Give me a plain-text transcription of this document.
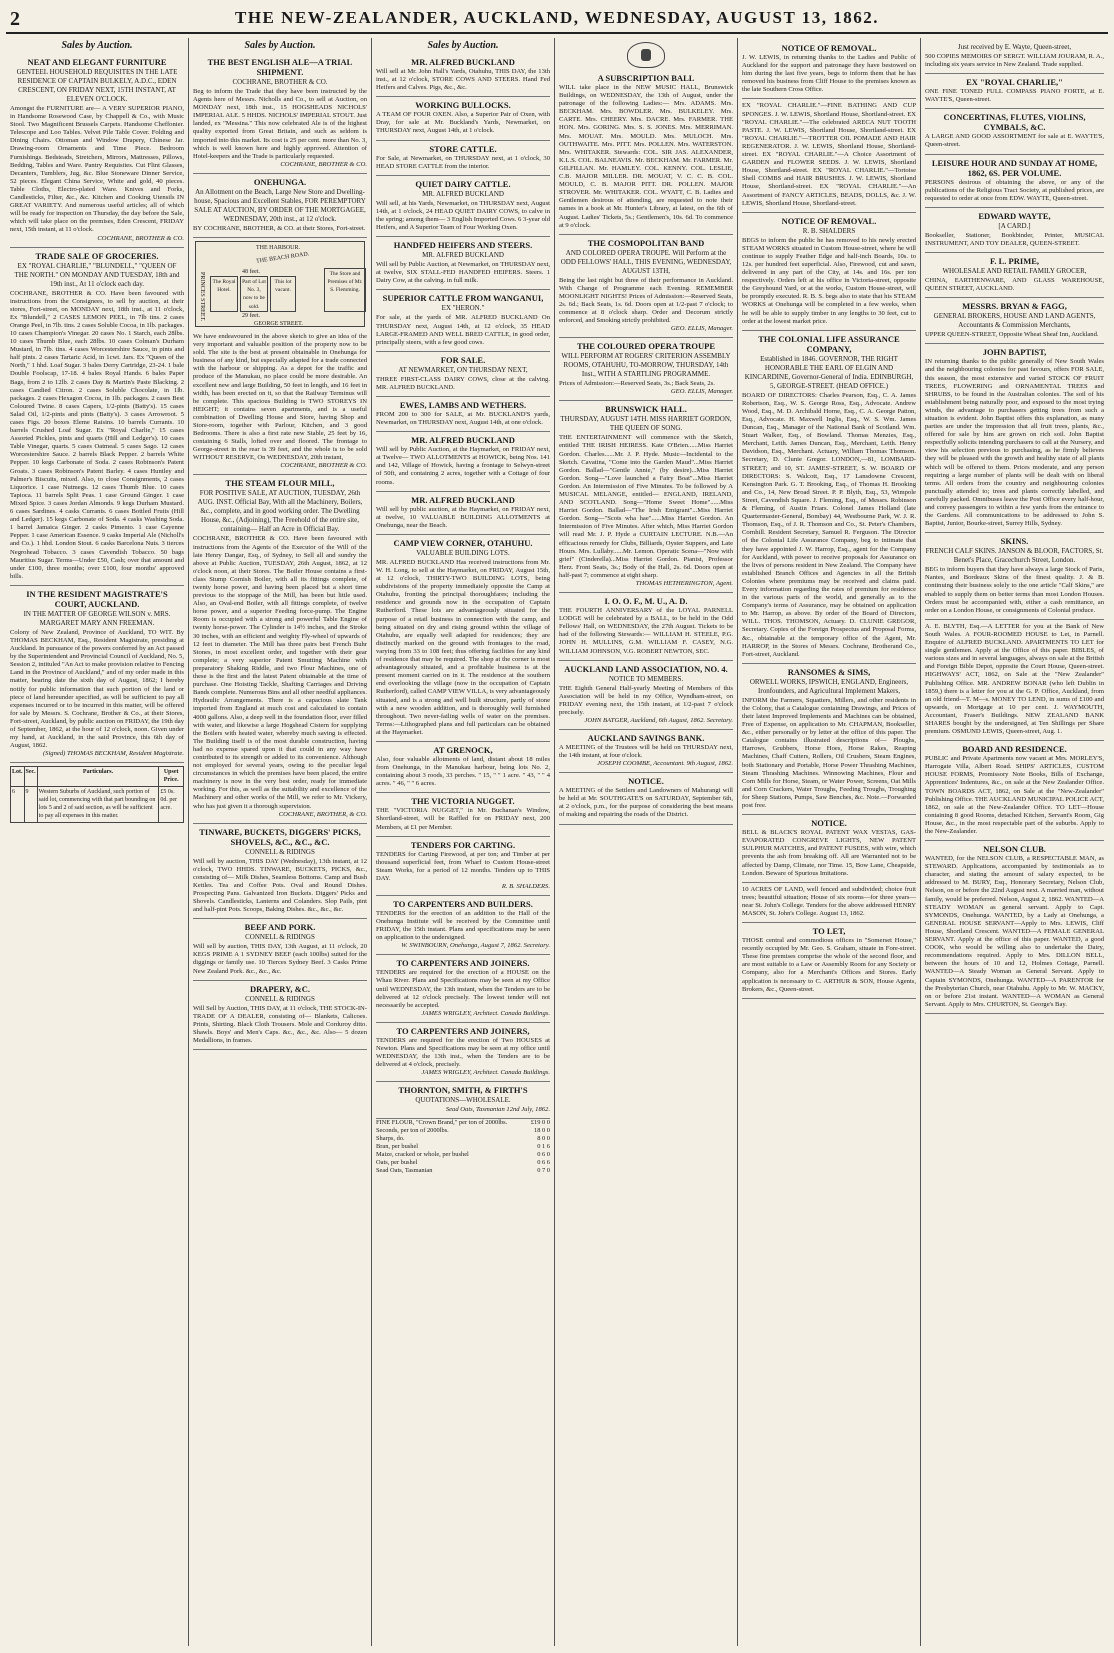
2	THE NEW-ZEALANDER, AUCKLAND, WEDNESDAY, AUGUST 13, 1862.
Sales by Auction.
NEAT AND ELEGANT FURNITURE
GENTEEL HOUSEHOLD REQUISITES IN THE LATE RESIDENCE OF CAPTAIN BULKELY, A.D.C., EDEN CRESCENT, ON FRIDAY NEXT, 15TH INSTANT, AT ELEVEN O'CLOCK.
Amongst the FURNITURE are— A VERY SUPERIOR PIANO, in Handsome Rosewood Case, by Chappell & Co., with Music Stool. Two Magnificent Brussels Carpets. Handsome Cheffonier. Telescope and Loo Tables. Velvet Pile Table Cover. Folding and Dining Chairs. Ottoman and Window Drapery, Chinese Jar. Drawing-room Ornaments and Time Piece. Bedroom Furnishings. Bedsteads, Stretchers, Mirrors, Mattresses, Pillows, Bedding, Tables and Ware. Pantry Requisites. Cut Flint Glasses, Decanters, Tumblers, Jug, &c. Blue Stoneware Dinner Service, 52 pieces. Elegant China Service, White and gold, 40 pieces. Table Cloths, Electro-plated Ware. Knives and Forks, Candlesticks, Filter, &c., &c. Kitchen and Cooking Utensils IN GREAT VARIETY. And numerous useful articles; all of which will be ready for inspection on Thursday, the day before the Sale, which will take place on the premises, Eden Crescent, FRIDAY next, 15th instant, at 11 o'clock.
COCHRANE, BROTHER & CO.
TRADE SALE OF GROCERIES.
EX "ROYAL CHARLIE," "BLUNDELL," "QUEEN OF THE NORTH." ON MONDAY AND TUESDAY, 18th and 19th inst., At 11 o'clock each day.
COCHRANE, BROTHER & CO. Have been favoured with instructions from the Consignees, to sell by auction, at their stores, Fort-street, on MONDAY next, 18th inst., at 11 o'clock, Ex "Blundell," 2 CASES LEMON PEEL, in 7lb tins. 2 cases Orange Peel, in 7lb. tins. 2 cases Soluble Cocoa, in 1lb. packages. 10 cases Champion's Vinegar. 20 cases No. 1 Starch, each 28lbs. 10 cases Thumb Blue, each 28lbs. 10 cases Colman's Durham Mustard, in 7lb. tins. 4 cases Worcestershire Sauce, in pints and half pints. 2 cases Tartaric Acid, in 1cwt. Jars. Ex "Queen of the North," 1 hhd. Loaf Sugar. 3 bales Derry Cartridge, 23-24. 1 bale Double Foolscap, 17-18. 4 bales Royal Hands. 6 bales Paper Bags, from 2 to 12lb. 2 cases Day & Martin's Paste Blacking. 2 cases Candied Citron. 2 cases Soluble Chocolate, in 1lb. packages. 2 cases Hexagon Cocoa, in 1lb. packages. 2 cases Best Coloured Twine. 8 cases Capers, 1/2-pints (Batty's). 15 cases Salad Oil, 1/2-pints and pints (Batty's). 3 cases Arrowroot. 5 cases Figs. 20 boxes Eleme Raisins. 10 barrels Currants. 10 barrels Crushed Loaf Sugar. Ex "Royal Charlie," 15 cases Assorted Pickles, pints and quarts (Hill and Ledger's). 10 cases Table Vinegar, quarts. 5 cases Oatmeal. 5 cases Sago. 12 cases Worcestershire Sauce. 2 barrels Black Pepper. 2 barrels White Pepper. 10 kegs Carbonate of Soda. 2 cases Robinson's Patent Groats. 3 cases Robinson's Patent Barley. 4 cases Huntley and Palmer's Biscuits, mixed. Also, to close Consignments, 2 cases Liquorice. 1 case Nutmegs. 12 cases Thumb Blue. 10 cases Tapioca. 11 barrels Split Peas. 1 case Ground Ginger. 1 case Mixed Spice. 3 cases Jordan Almonds. 9 kegs Durham Mustard. 6 cases Sardines. 4 casks Currants. 6 cases Bottled Fruits (Hill and Ledger). 15 kegs Carbonate of Soda. 4 casks Washing Soda. 1 barrel Jamaica Ginger. 2 casks Pimento. 1 case Cayenne Pepper. 1 case American Essence. 9 casks Imperial Ale (Nicholl's and Co.). 1 hhd. London Stout. 6 casks Barcelona Nuts. 3 tierces Negrohead Tobacco. 3 cases Cavendish Tobacco. 50 bags Mauritius Sugar. Terms—Under £50, Cash; over that amount and under £100, three months; over £100, four months' approved bills.
IN THE RESIDENT MAGISTRATE'S COURT, AUCKLAND.
IN THE MATTER OF GEORGE WILSON v. MRS. MARGARET MARY ANN FREEMAN.
Colony of New Zealand, Province of Auckland, TO WIT. By THOMAS BECKHAM, Esq., Resident Magistrate, presiding at Auckland. In pursuance of the powers conferred by an Act passed by the Superintendent and Provincial Council of Auckland, No. 5, Session 2, intituled "An Act to make provision relative to Fencing Land in the Province of Auckland," and of my order made in this matter, bearing date the sixth day of August, 1862; I hereby notify for public information that such portion of the land or piece of land hereunder specified, as will be sufficient to pay all expenses incurred or to be incurred in this matter, will be offered for sale by Messrs. S. Cochrane, Brother & Co., at their Stores, Fort-street, Auckland, by public auction on FRIDAY, the 19th day of September, 1862, at the hour of 12 o'clock, noon. Given under my hand, at Auckland, in the said Province, this 6th day of August, 1862.
(Signed) THOMAS BECKHAM, Resident Magistrate.
Lot.	Sec.	Particulars.	Upset Price.
6	9	Western Suburbs of Auckland, such portion of said lot, commencing with that part bounding on lots 5 and 2 of said section, as will be sufficient to pay all expenses in this matter.	£5 0s. 0d. per acre.
Sales by Auction.
THE BEST ENGLISH ALE—A TRIAL SHIPMENT.
COCHRANE, BROTHER & CO.
Beg to inform the Trade that they have been instructed by the Agents here of Messrs. Nicholls and Co., to sell at Auction, on MONDAY next, 18th inst., 15 HOGSHEADS NICHOLS' IMPERIAL ALE. 5 HHDS. NICHOLS' IMPERIAL STOUT. Just landed, ex "Messina." This now celebrated Ale is of the highest quality exported from Great Britain, and such as seldom is imported into this market. Its cost is 25 per cent. more than No. 3, which is well known here and highly approved. Attention of Hotel-keepers and the Trade is particularly requested.
COCHRANE, BROTHER & CO.
ONEHUNGA.
An Allotment on the Beach, Large New Store and Dwelling-house, Spacious and Excellent Stables, FOR PEREMPTORY SALE AT AUCTION, BY ORDER OF THE MORTGAGEE, WEDNESDAY, 20th inst., at 12 o'clock.
BY COCHRANE, BROTHER, & CO. at their Stores, Fort-street.
THE HARBOUR.
THE BEACH ROAD.
PRINCES STREET.	The Royal Hotel.
Part of Lot No. 3, now to be sold.
This lot vacant.
The Store and Premises of Mr. S. Flemming.
48 feet.
29 feet.
GEORGE STREET.
We have endeavoured in the above sketch to give an idea of the very important and valuable position of the property now to be sold. The site is the best at present obtainable in Onehunga for business of any kind, but especially adapted for a trade connected with the harbour or shipping. As a depot for the traffic and produce of the Manukau, no place could be more desirable. An excellent new and large Building, 50 feet in length, and 16 feet in width, has been erected on it, so that the Railway Terminus will be complete. This spacious Building is TWO STOREYS IN HEIGHT; it contains seven apartments, and is a useful combination of Dwelling House and Store, having Shop and Store-room, together with Parlour, Kitchen, and 3 good Bedrooms. There is also a first rate new Stable, 25 feet by 16, containing 6 Stalls, lofted over and floored. The frontage to George-street in the rear is 39 feet, and the whole is to be sold WITHOUT RESERVE, On WEDNESDAY, 20th instant,
COCHRANE, BROTHER & CO.
THE STEAM FLOUR MILL,
FOR POSITIVE SALE, AT AUCTION, TUESDAY, 26th AUG. INST. Official Bay, With all the Machinery, Boilers, &c., complete, and in good working order. The Dwelling House, &c., (Adjoining), The Freehold of the entire site, containing— Half an Acre in Official Bay.
COCHRANE, BROTHER & CO. Have been favoured with instructions from the Agents of the Executor of the Will of the late Henry Dangar, Esq., of Sydney, to Sell all and sundry the above at Public Auction, TUESDAY, 26th August, 1862, at 12 o'clock noon, at their Stores. The Boiler House contains a first-class Stump Cornish Boiler, with all its fittings complete, of twenty horse power, and having been placed but a short time previous to the stoppage of the Mill, has been but little used. Also, an Oval-end Boiler, with all fittings complete, of twelve horse power, and a superior Feeding force-pump. The Engine Room is occupied with a strong and powerful Table Engine of twenty horse-power. The Cylinder is 14½ inches, and the Stroke 30 inches, with an efficient and weighty Fly-wheel of upwards of 12 feet in diameter. The Mill has three pairs best French Buhr Stones, in most excellent order, and together with their gear complete; a very superior Patent Smutting Machine with preparatory Shaking Riddle, and two Flour Machines, one of these is the first and the latest Patent obtainable at the time of purchase. One Hoisting Tackle, Shafting Carriages and Driving Bands complete. Numerous Bins and all other needful appliances. Hydraulic Arrangements. There is a capacious slate Tank imported from England at much cost and calculated to contain 4000 gallons. Also, a deep well in the foundation floor, ever filled with water, and likewise a large Hogshead Cistern for supplying the Boilers with heated water, whereby much saving is effected. The Building itself is of the most durable construction, having had no expense spared upon it that could in any way have contributed to its strength or added to its convenience. Although not employed for several years, owing to the peculiar legal circumstances in which the premises have been placed, the entire machinery is now in the very best order, ready for immediate working. For this, as well as the suitability and excellence of the Machinery and other works of the Mill, we refer to Mr. Vickery, who has just given it a thorough supervision.
COCHRANE, BROTHER, & CO.
TINWARE, BUCKETS, DIGGERS' PICKS, SHOVELS, &C., &C., &C.
CONNELL & RIDINGS
Will sell by auction, THIS DAY (Wednesday), 13th instant, at 12 o'clock, TWO HHDS. TINWARE, BUCKETS, PICKS, &c., consisting of— Milk Dishes, Seamless Bottoms. Camp and Bush Kettles. Tea and Coffee Pots. Oval and Round Dishes. Prospecting Pans. Galvanized Iron Buckets. Diggers' Picks and Shovels. Candlesticks, Lanterns and Colanders. Slop Pails, pint and half-pint Pots. Scoops, Baking Dishes. &c., &c., &c.
BEEF AND PORK.
CONNELL & RIDINGS
Will sell by auction, THIS DAY, 13th August, at 11 o'clock, 20 KEGS PRIME A 1 SYDNEY BEEF (each 100lbs) suited for the diggings or family use. 10 Tierces Sydney Beef. 3 Casks Prime New Zealand Pork. &c., &c., &c.
DRAPERY, &C.
CONNELL & RIDINGS
Will Sell by Auction, THIS DAY, at 11 o'clock, THE STOCK-IN-TRADE OF A DEALER, consisting of— Blankets, Calicoes. Prints, Shirting. Black Cloth Trousers. Mole and Corduroy ditto. Shawls. Boys' and Men's Caps. &c., &c., &c. Also— 5 dozen Medallions, in frames.
Sales by Auction.
MR. ALFRED BUCKLAND
Will sell at Mr. John Hall's Yards, Otahuhu, THIS DAY, the 13th inst., at 12 o'clock, STORE COWS AND STEERS. Hand Fed Heifers and Calves. Pigs, &c., &c.
WORKING BULLOCKS.
A TEAM OF FOUR OXEN. Also, a Superior Pair of Oxen, with Dray, for sale at Mr. Buckland's Yards, Newmarket, on THURSDAY next, August 14th, at 1 o'clock.
STORE CATTLE.
For Sale, at Newmarket, on THURSDAY next, at 1 o'clock, 30 HEAD STORE CATTLE from the interior.
QUIET DAIRY CATTLE.
MR. ALFRED BUCKLAND
Will sell, at his Yards, Newmarket, on THURSDAY next, August 14th, at 1 o'clock, 24 HEAD QUIET DAIRY COWS, to calve in the spring; among them— 3 English Imported Cows. 6 3-year old Heifers, and A Superior Team of Four Working Oxen.
HANDFED HEIFERS AND STEERS.
MR. ALFRED BUCKLAND
Will sell by Public Auction, at Newmarket, on THURSDAY next, at twelve, SIX STALL-FED HANDFED HEIFERS. Steers. 1 Dairy Cow, at the calving. in full milk.
SUPERIOR CATTLE FROM WANGANUI,
EX "HERON."
For sale, at the yards of MR. ALFRED BUCKLAND On THURSDAY next, August 14th, at 12 o'clock, 35 HEAD LARGE-FRAMED AND WELL BRED CATTLE, in good order, principally steers, with a few good cows.
FOR SALE.
AT NEWMARKET, ON THURSDAY NEXT,
THREE FIRST-CLASS DAIRY COWS, close at the calving. MR. ALFRED BUCKLAND.
EWES, LAMBS AND WETHERS.
FROM 200 to 300 for SALE, at Mr. BUCKLAND'S yards, Newmarket, on THURSDAY next, August 14th, at one o'clock.
MR. ALFRED BUCKLAND
Will sell by Public Auction, at the Haymarket, on FRIDAY next, at Twelve— TWO ALLOTMENTS at HOWICK, being Nos. 141 and 142, Village of Howick, having a frontage to Selwyn-street of 50ft, and containing 2 acres, together with a Cottage of four rooms.
MR. ALFRED BUCKLAND
Will sell by public auction, at the Haymarket, on FRIDAY next, at twelve, 10 VALUABLE BUILDING ALLOTMENTS at Onehunga, near the Beach.
CAMP VIEW CORNER, OTAHUHU.
VALUABLE BUILDING LOTS.
MR. ALFRED BUCKLAND Has received instructions from Mr. W. H. Long, to sell at the Haymarket, on FRIDAY, August 15th, at 12 o'clock, THIRTY-TWO BUILDING LOTS, being subdivisions of the property immediately opposite the Camp at Otahuhu, fronting the principal thoroughfares; including the residence and grounds now in the occupation of Captain Rutherford. These lots are advantageously situated for the purpose of a retail business in connection with the camp, and being situated on dry and rising ground within the village of Otahuhu, are equally well adapted for residences; they are distinctly marked on the ground with frontages to the road, varying from 33 to 108 feet; thus offering facilities for any kind of residence that may be required. The shop at the corner is most advantageously situated, and a profitable business is at the present moment carried on in it. The residence at the southern end overlooking the village (now in the occupation of Captain Rutherford), called CAMP VIEW VILLA, is very advantageously situated, and is a strong and well built structure, partly of stone with a new wooden addition, and is thoroughly well furnished throughout. Two never-failing wells of water on the premises. Terms:—Lithographed plans and full particulars can be obtained at the Haymarket.
AT GRENOCK,
Also, four valuable allotments of land, distant about 18 miles from Onehunga, in the Manukau harbour, being lots No. 2, containing about 3 roods, 33 perches. " 15, " " 1 acre. " 43, " " 4 acres. " 46, " " 6 acres.
THE VICTORIA NUGGET.
THE "VICTORIA NUGGET," in Mr. Buchanan's Window, Shortland-street, will be Raffled for on FRIDAY next, 200 Members, at £1 per Member.
TENDERS FOR CARTING.
TENDERS for Carting Firewood, at per ton; and Timber at per thousand superficial feet, from Wharf to Custom House-street Steam Works, for a period of 12 months. Tenders up to THIS DAY.
R. B. SHALDERS.
TO CARPENTERS AND BUILDERS.
TENDERS for the erection of an addition to the Hall of the Onehunga Institute will be received by the Committee until FRIDAY, the 15th instant. Plans and specifications may be seen on application to the undersigned.
W. SWINBOURN, Onehunga, August 7, 1862. Secretary.
TO CARPENTERS AND JOINERS.
TENDERS are required for the erection of a HOUSE on the Whau River. Plans and Specifications may be seen at my Office until WEDNESDAY, the 13th instant, when the Tenders are to be delivered at 12 o'clock precisely. The lowest tender will not necessarily be accepted.
JAMES WRIGLEY, Architect. Canada Buildings.
TO CARPENTERS AND JOINERS,
TENDERS are required for the erection of Two HOUSES at Newton. Plans and Specifications may be seen at my office until WEDNESDAY, the 13th inst., when the Tenders are to be delivered at 4 o'clock, precisely.
JAMES WRIGLEY, Architect. Canada Buildings.
THORNTON, SMITH, & FIRTH'S
QUOTATIONS—WHOLESALE.
Sead Oats, Tasmanian 12nd July, 1862.
FINE FLOUR, "Crown Brand," per ton of 2000lbs.	£19 0 0
Seconds, per ton of 2000lbs.	18 0 0
Sharps, do.	8 0 0
Bran, per bushel	0 1 6
Maize, cracked or whole, per bushel	0 6 0
Oats, per bushel	0 6 6
Sead Oats, Tasmanian	0 7 0
A SUBSCRIPTION BALL
WILL take place in the NEW MUSIC HALL, Brunswick Buildings, on WEDNESDAY, the 13th of August, under the patronage of the following Ladies:— Mrs. ADAMS. Mrs. BECKHAM. Mrs. BOWDLER. Mrs. BULKELEY. Mrs. CARTE. Mrs. CHEERY. Mrs. DACRE. Mrs. FARMER. THE HON. Mrs. GORING. Mrs. S. S. JONES. Mrs. MERRIMAN. Mrs. MOUAT. Mrs. MOULD. Mrs. MULOCH. Mrs. OUTHWAITE. Mrs. PITT. Mrs. POLLEN. Mrs. WATERSTON. Mrs. WHITAKER. Stewards: COL. SIR JAS. ALEXANDER, K.L.S. COL. BALNEAVIS. Mr. BECKHAM. Mr. FARMER. Mr. GILFILLAN. Mr. HAMLEY. COL. KENNY. COL. LESLIE, C.B. MAJOR MILLER. DR. MOUAT, V. C. C. B. COL. MOULD, C. B. MAJOR PITT. DR. POLLEN. MAJOR STROVER. Mr. WHITAKER. COL. WYATT, C. B. Ladies and Gentlemen desirous of attending, are requested to note their names in a book at Mr. Hunter's Library, at latest, on the 6th of August. Ladies' Tickets, 5s.; Gentlemen's, 10s. 6d. To commence at 9 o'clock.
THE COSMOPOLITAN BAND
AND COLORED OPERA TROUPE. Will Perform at the ODD FELLOWS' HALL, THIS EVENING, WEDNESDAY, AUGUST 13TH,
Being the last night but three of their performance in Auckland. With Change of Programme each Evening. REMEMBER MOONLIGHT NIGHTS! Prices of Admission:—Reserved Seats, 2s. 6d.; Back Seats, 1s. 6d. Doors open at 1/2-past 7 o'clock; to commence at 8 o'clock sharp. Order and Decorum strictly enforced, and Smoking strictly prohibited.
GEO. ELLIS, Manager.
THE COLOURED OPERA TROUPE
WILL PERFORM AT ROGERS' CRITERION ASSEMBLY ROOMS, OTAHUHU, TO-MORROW, THURSDAY, 14th Inst., WITH A STARTLING PROGRAMME.
Prices of Admission:—Reserved Seats, 3s.; Back Seats, 2s.
GEO. ELLIS, Manager.
BRUNSWICK HALL.
THURSDAY, AUGUST 14TH. MISS HARRIET GORDON, THE QUEEN OF SONG.
THE ENTERTAINMENT will commence with the Sketch, entitled THE IRISH HEIRESS. Kate O'Brien......Miss Harriet Gordon. Charles......Mr. J. P. Hyde. Music—Incidental to the Sketch. Cavatina, "Come into the Garden Maud"...Miss Harriet Gordon. Ballad—"Gentle Annie," (by desire)...Miss Harriet Gordon. Song—"Love launched a Fairy Boat"...Miss Harriet Gordon. An Intermission of Five Minutes. To be followed by A MUSICAL MELANGE, entitled— ENGLAND, IRELAND, AND SCOTLAND. Song—"Home Sweet Home"......Miss Harriet Gordon. Ballad—"The Irish Emigrant"...Miss Harriet Gordon. Song—"Scots wha hae"......Miss Harriet Gordon. An Intermission of Five Minutes. After which, Miss Harriet Gordon will read Mr. J. P. Hyde a CURTAIN LECTURE. N.B.—An efficacious remedy for Clubs, Billiards, Oyster Suppers, and Late Hours. Mrs. Lullaby......Mr. Lemon. Operatic Scena—"Now with grief" (Cinderella)...Miss Harriet Gordon. Pianist, Professor Herz. Front Seats, 3s.; Body of the Hall, 2s. 6d. Doors open at half-past 7; commence at eight sharp.
THOMAS HETHERINGTON, Agent.
I. O. O. F., M. U., A. D.
THE FOURTH ANNIVERSARY of the LOYAL PARNELL LODGE will be celebrated by a BALL, to be held in the Odd Fellows' Hall, on WEDNESDAY, the 27th August. Tickets to be had of the following Stewards:— WILLIAM H. STEELE, P.G. JOHN H. MULLINS, G.M. WILLIAM F. CASEY, N.G. WILLIAM JOHNSON, V.G. ROBERT NEWTON, SEC.
AUCKLAND LAND ASSOCIATION, NO. 4.
NOTICE TO MEMBERS.
THE Eighth General Half-yearly Meeting of Members of this Association will be held in my Office, Wyndham-street, on FRIDAY evening next, the 15th instant, at 1/2-past 7 o'clock precisely.
JOHN BATGER, Auckland, 6th August, 1862. Secretary.
AUCKLAND SAVINGS BANK.
A MEETING of the Trustees will be held on THURSDAY next, the 14th instant, at four o'clock.
JOSEPH COOMBE, Accountant. 9th August, 1862.
NOTICE.
A MEETING of the Settlers and Landowners of Mahurangi will be held at Mr. SOUTHGATE'S on SATURDAY, September 6th, at 2 o'clock, p.m., for the purpose of considering the best means of making and repairing the roads of the District.
NOTICE OF REMOVAL.
J. W. LEWIS, in returning thanks to the Ladies and Public of Auckland for the support and patronage they have bestowed on him during the last five years, begs to inform them that he has removed his business from Cliff House to the premises known as the late Southern Cross Office.
EX "ROYAL CHARLIE."—FINE BATHING AND CUP SPONGES. J. W. LEWIS, Shortland House, Shortland-street. EX "ROYAL CHARLIE."—The celebrated ARECA NUT TOOTH PASTE. J. W. LEWIS, Shortland House, Shortland-street. EX "ROYAL CHARLIE."—TROTTER OIL POMADE AND HAIR REGENERATOR. J. W. LEWIS, Shortland House, Shortland-street. EX "ROYAL CHARLIE."—A Choice Assortment of GARDEN and FLOWER SEEDS. J. W. LEWIS, Shortland House, Shortland-street. EX "ROYAL CHARLIE."—Tortoise Shell COMBS and HAIR BRUSHES. J. W. LEWIS, Shortland House, Shortland-street. EX "ROYAL CHARLIE."—An Assortment of FANCY ARTICLES, BEADS, DOLLS, &c. J. W. LEWIS, Shortland House, Shortland-street.
NOTICE OF REMOVAL.
R. B. SHALDERS
BEGS to inform the public he has removed to his newly erected STEAM WORKS situated in Custom House-street, where he will continue to supply Feather Edge and half-inch Boards, 10s. to 12s. per hundred feet superficial. Also, Firewood, cut and sawn, delivered in any part of the City, at 14s. and 16s. per ton respectively. Orders left at his office in Victoria-street, opposite the Greyhound Yard, or at the works, Custom House-street, will be promptly executed. R. B. S. begs also to state that his STEAM WORKS at Onehunga will be completed in a few weeks, when he will be able to supply timber in any lengths to 30 feet, cut to order at the lowest market price.
THE COLONIAL LIFE ASSURANCE COMPANY,
Established in 1846. GOVERNOR, THE RIGHT HONORABLE THE EARL OF ELGIN AND KINCARDINE, Governor-General of India. EDINBURGH, 5, GEORGE-STREET. (HEAD OFFICE.)
BOARD OF DIRECTORS: Charles Pearson, Esq., C. A. James Robertson, Esq., W. S. George Ross, Esq., Advocate. Andrew Wood, Esq., M. D. Archibald Horne, Esq., C. A. George Patton, Esq., Advocate. H. Maxwell Inglis, Esq., W. S. Wm. James Duncan, Esq., Manager of the National Bank of Scotland. Wm. Stuart Walker, Esq., of Bowland. Thomas Menzies, Esq., Merchant, Leith. James Duncan, Esq., Merchant, Leith. Henry Davidson, Esq., Merchant. Actuary, William Thomas Thomson. Secretary, D. Clunie Gregor. LONDON,—81, LOMBARD-STREET; and 10, ST. JAMES'-STREET, S. W. BOARD OF DIRECTORS: S. Walcott, Esq., 17 Lansdowne Crescent, Kensington Park. G. T. Brooking, Esq., of Thomas H. Brooking and Co., 14, New Broad Street. P. P. Blyth, Esq., 53, Wimpole Street, Cavendish Square. J. Fleming, Esq., of Messrs. Robinson & Fleming, of Austin Friars. Colonel James Holland (late Quartermaster-General, Bombay) 44, Westbourne Park, W. J. R. Thomson, Esq., of J. R. Thomson and Co., St. Peter's Chambers, Cornhill. Resident Secretary, Samuel R. Ferguson. The Director of the Colonial Life Assurance Company, beg to intimate that they have appointed J. W. Harrop, Esq., agent for the Company for Auckland, with power to receive proposals for Assurance on the lives of persons resident in New Zealand. The Company have established Branch Offices and Agencies in all the British Colonies where premiums may be received and claims paid. Every information regarding the rates of premium for residence in the various parts of the world, and generally as to the Company's terms of Assurance, may be obtained on application to Mr. Harrop, as above. By order of the Board of Directors, WILL. THOS. THOMSON, Actuary. D. CLUNIE GREGOR, Secretary. Copies of the Foreign Prospectus and Proposal Forms, &c., obtainable at the temporary office of the Agent, Mr. HARROP, in the Stores of Messrs. Cochrane, Brotherand Co., Fort-street, Auckland.
RANSOMES & SIMS,
ORWELL WORKS, IPSWICH, ENGLAND, Engineers, Ironfounders, and Agricultural Implement Makers,
INFORM the Farmers, Squatters, Millers, and other residents in the Colony, that a Catalogue containing Drawings, and Prices of their latest Improved Implements and Machines can be obtained, Free of Expense, on application to Mr. CHAPMAN, Bookseller, &c., either personally or by letter at the office of this paper. The Catalogue contains illustrated descriptions of— Ploughs, Harrows, Grubbers, Horse Hoes, Horse Rakes, Reaping Machines, Chaff Cutters, Rollers, Oil Crushers, Steam Engines, both Stationary and Portable, Horse Power Thrashing Machines, Steam Thrashing Machines. Winnowing Machines, Flour and Corn Mills for Horse, Steam, or Water Power, Screens, Oat Mills and Corn Crackers, Water Troughs, Feeding Troughs, Troughing for Sheep Stations, Pumps, Saw Benches, &c. Note.—Forwarded post free.
NOTICE.
BELL & BLACK'S ROYAL PATENT WAX VESTAS, GAS-EVAPORATED CONGREVE LIGHTS, NEW PATENT SULPHUR MATCHES, and PATENT FUSEES, with wire, which prevents the ash from breaking off. All are Warranted not to be affected by Damp, Climate, nor Time. 15, Bow Lane, Cheapside, London. Beware of Spurious Imitations.
10 ACRES OF LAND, well fenced and subdivided; choice fruit trees; beautiful situation; House of six rooms—for three years—near St. John's College. Tenders for the above addressed HENRY MASON, St. John's College. August 13, 1862.
TO LET,
THOSE central and commodious offices in "Somerset House," recently occupied by Mr. Geo. S. Graham, situate in Fore-street. These fine premises comprise the whole of the second floor, and are most suitable to a Law or Assembly Room for any Society or Company, also for a Merchant's Offices and Stores. Early application is necessary to C. ARTHUR & SON, House Agents, Brokers, &c., Queen-street.
Just received by E. Wayte, Queen-street,
500 COPIES MEMOIRS OF SERGT. WILLIAM JOURAM, R. A., including six years service in New Zealand. Trade supplied.
EX "ROYAL CHARLIE,"
ONE FINE TONED FULL COMPASS PIANO FORTE, at E. WAYTE'S, Queen-street.
CONCERTINAS, FLUTES, VIOLINS, CYMBALS, &C.
A LARGE AND GOOD ASSORTMENT for sale at E. WAYTE'S, Queen-street.
LEISURE HOUR AND SUNDAY AT HOME, 1862, 6S. PER VOLUME.
PERSONS desirous of obtaining the above, or any of the publications of the Religious Tract Society, at published prices, are requested to order at once from EDW. WAYTE, Queen-street.
EDWARD WAYTE,
[A CARD.]
Bookseller, Stationer, Bookbinder, Printer, MUSICAL INSTRUMENT, AND TOY DEALER, QUEEN-STREET.
F. L. PRIME,
WHOLESALE AND RETAIL FAMILY GROCER,
CHINA, EARTHENWARE, AND GLASS WAREHOUSE, QUEEN STREET, AUCKLAND.
MESSRS. BRYAN & FAGG,
GENERAL BROKERS, HOUSE AND LAND AGENTS, Accountants & Commission Merchants,
UPPER QUEEN-STREET, Opposite Wheat Sheaf Inn, Auckland.
JOHN BAPTIST,
IN returning thanks to the public generally of New South Wales and the neighbouring colonies for past favours, offers FOR SALE, this season, the most extensive and varied STOCK OF FRUIT TREES, FLOWERING and ORNAMENTAL TREES and SHRUBS, to be found in the Australian colonies. The soil of his establishment being naturally poor, and exposed to the most trying winds, the advantage to purchasers getting trees from such a situation is evident. John Baptist offers this explanation, as many parties are under the impression that all fruit trees, plants, &c., offered for sale by him are grown on rich soil. John Baptist respectfully solicits intending purchasers to call at the Nursery, and view his selection previous to purchasing, as he firmly believes they will be pleased with the growth and healthy state of all plants which will be offered to them. Prices moderate, and any person requiring a large number of plants will be dealt with on liberal terms. All orders from the country and neighbouring colonies punctually attended to; trees and plants correctly labelled, and carefully packed. Omnibuses leave the Post Office every half-hour, and convey passengers to within a few yards from the entrance to the Gardens. All communications to be addressed to John S. Baptist, Junior, Bourke-street, Surrey Hills, Sydney.
SKINS.
FRENCH CALF SKINS. JANSON & BLOOR, FACTORS, St. Benet's Place, Gracechurch Street, London.
BEG to inform buyers that they have always a large Stock of Paris, Nantes, and Bordeaux Skins of the finest quality. J. & B. continuing their business solely to the one article "Calf Skins," are enabled to supply them on better terms than most London Houses. Orders must be accompanied with, either a cash remittance, an order on a London House, or consignments of Colonial produce.
A. E. BLYTH, Esq.—A LETTER for you at the Bank of New South Wales. A FOUR-ROOMED HOUSE to Let, in Parnell. Enquire of ALFRED BUCKLAND. APARTMENTS TO LET for single gentlemen. Apply at the Office of this paper. BIBLES, of various sizes and in several languages, always on sale at the British and Foreign Bible Depot, opposite the Court House, Queen-street. HIGHWAYS' ACT, 1862, on Sale at the "New Zealander" Publishing Office. MR. ANDREW BONAR (who left Dublin in 1859,) there is a letter for you at the G. P. Office, Auckland, from an old friend—T. M—s. MONEY TO LEND, in sums of £100 and upwards, on Mortgage at 10 per cent. J. WAYMOUTH, Accountant, Fraser's Buildings. NEW ZEALAND BANK SHARES bought by the undersigned, at Ten Shillings per Share premium. OSMUND LEWIS, Queen-street, Aug. 1.
BOARD AND RESIDENCE.
PUBLIC and Private Apartments now vacant at Mrs. MORLEY'S, Harrogate Villa, Albert Road. SHIPS' ARTICLES, CUSTOM HOUSE FORMS, Promissory Note Books, Bills of Exchange, Apprentices' Indentures, &c., on sale at the New Zealander Office. TOWN BOARDS ACT, 1862, on Sale at the "New-Zealander" Publishing Office. THE AUCKLAND MUNICIPAL POLICE ACT, 1862, on sale at the New-Zealander Office. TO LET—House containing 8 good Rooms, detached Kitchen, Servant's Room, Gig House, &c., in the most respectable part of the suburbs. Apply to the New-Zealander.
NELSON CLUB.
WANTED, for the NELSON CLUB, a RESPECTABLE MAN, as STEWARD. Applications, accompanied by testimonials as to character, and stating the amount of salary expected, to be addressed to M. BURY, Esq., Honorary Secretary, Nelson Club, Nelson, on or before the 22nd August next. A married man, without family, would be preferred. Nelson, August 2, 1862. WANTED—A STEADY WOMAN as general servant. Apply to Capt. SYMONDS, Onehunga. WANTED, by a Lady at Onehunga, a GENERAL HOUSE SERVANT—Apply to Mrs. LEWIS, Cliff House, Shortland Crescent. WANTED—A FEMALE GENERAL SERVANT. Apply at the office of this paper. WANTED, a good COOK, who would be willing also to undertake the Dairy, recommendations required. Apply to Mrs. DILLON BELL, between the hours of 10 and 12, Holmes Cottage, Parnell. WANTED—A Steady Woman as General Servant. Apply to Captain SYMONDS, Onehunga. WANTED—A PARENTOR for the Presbyterian Church, near Otahuhu. Apply to Mr. W. MACKY, on or before 21st instant. WANTED—A WOMAN as General Servant. Apply to Mrs. CHURTON, St. George's Bay.
